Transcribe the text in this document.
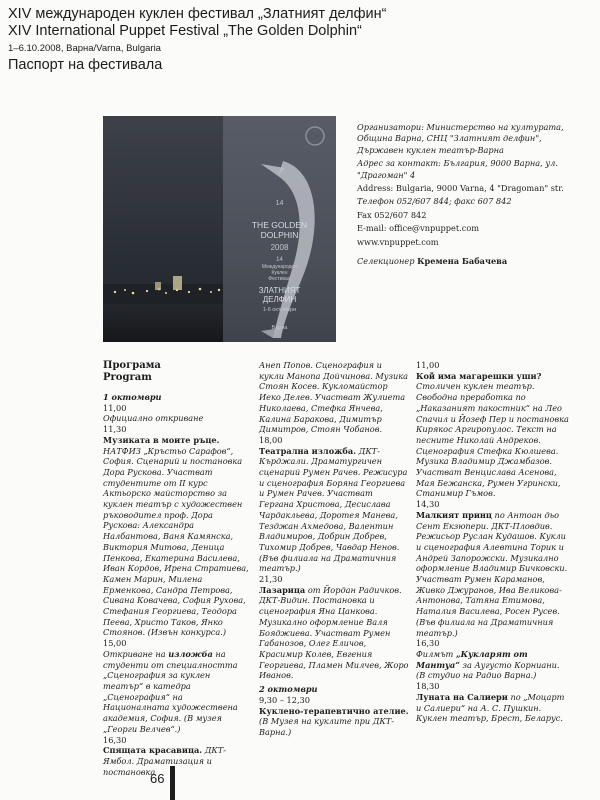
XIV международен куклен фестивал „Златният делфин“
XIV International Puppet Festival „The Golden Dolphin“
1–6.10.2008, Варна/Varna, Bulgaria
Паспорт на фестивала
14
THE GOLDEN
DOLPHIN
2008
14
Международен
Куклен
Фестивал
ЗЛАТНИЯТ
ДЕЛФИН
1-6 октомври
Варна

Организатори: Министерство на културата, Община Варна, СНЦ "Златният делфин", Държавен куклен театър-Варна

Адрес за контакт: България, 9000 Варна, ул. "Драгоман" 4

Address: Bulgaria, 9000 Varna, 4 "Dragoman" str.

Телефон 052/607 844; факс 607 842

Fax 052/607 842

E-mail: office@vnpuppet.com

www.vnpuppet.com

Селекционер Кремена Бабачева

Програма
Program

1 октомври

11,00

Официално откриване

11,30

Музиката в моите ръце. НАТФИЗ „Кръстьо Сарафов“, София. Сценарий и постановка Дора Рускова. Участват студентите от II курс Актьорско майсторство за куклен театър с художествен ръководител проф. Дора Рускова: Александра Налбантова, Ваня Камянска, Виктория Митова, Деница Пенкова, Екатерина Василева, Иван Кордов, Ирена Стратиева, Камен Марин, Милена Ерменкова, Сандра Петрова, Сивана Ковачева, София Рухова, Стефания Георгиева, Теодора Пеева, Христо Таков, Янко Стоянов. (Извън конкурса.)

15,00

Откриване на изложба на студенти от специалността „Сценография за куклен театър“ в катедра „Сценография“ на Националната художествена академия, София. (В музея „Георги Велчев“.)

16,30

Спящата красавица. ДКТ-Ямбол. Драматизация и постановка

Анеп Попов. Сценография и кукли Манопа Дойчинова. Музика Стоян Косев. Кукломайстор Иеко Делев. Участват Жулиета Николаева, Стефка Янчева, Калина Баракова, Димитър Димитров, Стоян Чобанов.

18,00

Театрална изложба. ДКТ-Кърджали. Драматургичен сценарий Румен Рачев. Режисура и сценография Боряна Георгиева и Румен Рачев. Участват Гергана Христова, Десислава Чардакльева, Доротея Манева, Тезджан Ахмедова, Валентин Владимиров, Добрин Добрев, Тихомир Добрев, Чавдар Ненов. (Във филиала на Драматичния театър.)

21,30

Лазарица от Йордан Радичков. ДКТ-Видин. Постановка и сценография Яна Цанкова. Музикално оформление Валя Бояджиева. Участват Румен Габанозов, Олег Еличов, Красимир Колев, Евгения Георгиева, Пламен Милчев, Жоро Иванов.

2 октомври

9,30 – 12,30

Куклено-терапевтично ателие. (В Музея на куклите при ДКТ-Варна.)

11,00

Кой има магарешки уши? Столичен куклен театър. Свободна преработка по „Наказаният пакостник“ на Лео Спачил и Йозеф Пер и постановка Кирякос Аргиропулос. Текст на песните Николай Андреков. Сценография Стефка Кюлшева. Музика Владимир Джамбазов. Участват Венцислава Асенова, Мая Бежанска, Румен Угрински, Станимир Гъмов.

14,30

Малкият принц по Антоан дьо Сент Екзюпери. ДКТ-Пловдив. Режисьор Руслан Кудашов. Кукли и сценография Алевтина Торик и Андрей Запорожски. Музикално оформление Владимир Бичковски. Участват Румен Караманов, Живко Джуранов, Ива Великова-Антонова, Татяна Етимова, Наталия Василева, Росен Русев. (Във филиала на Драматичния театър.)

16,30

Филмът „Кукларят от Мантуа“ за Аугусто Корниани. (В студио на Радио Варна.)

18,30

Луната на Салиери по „Моцарт и Салиери“ на А. С. Пушкин. Куклен театър, Брест, Беларус.

66
